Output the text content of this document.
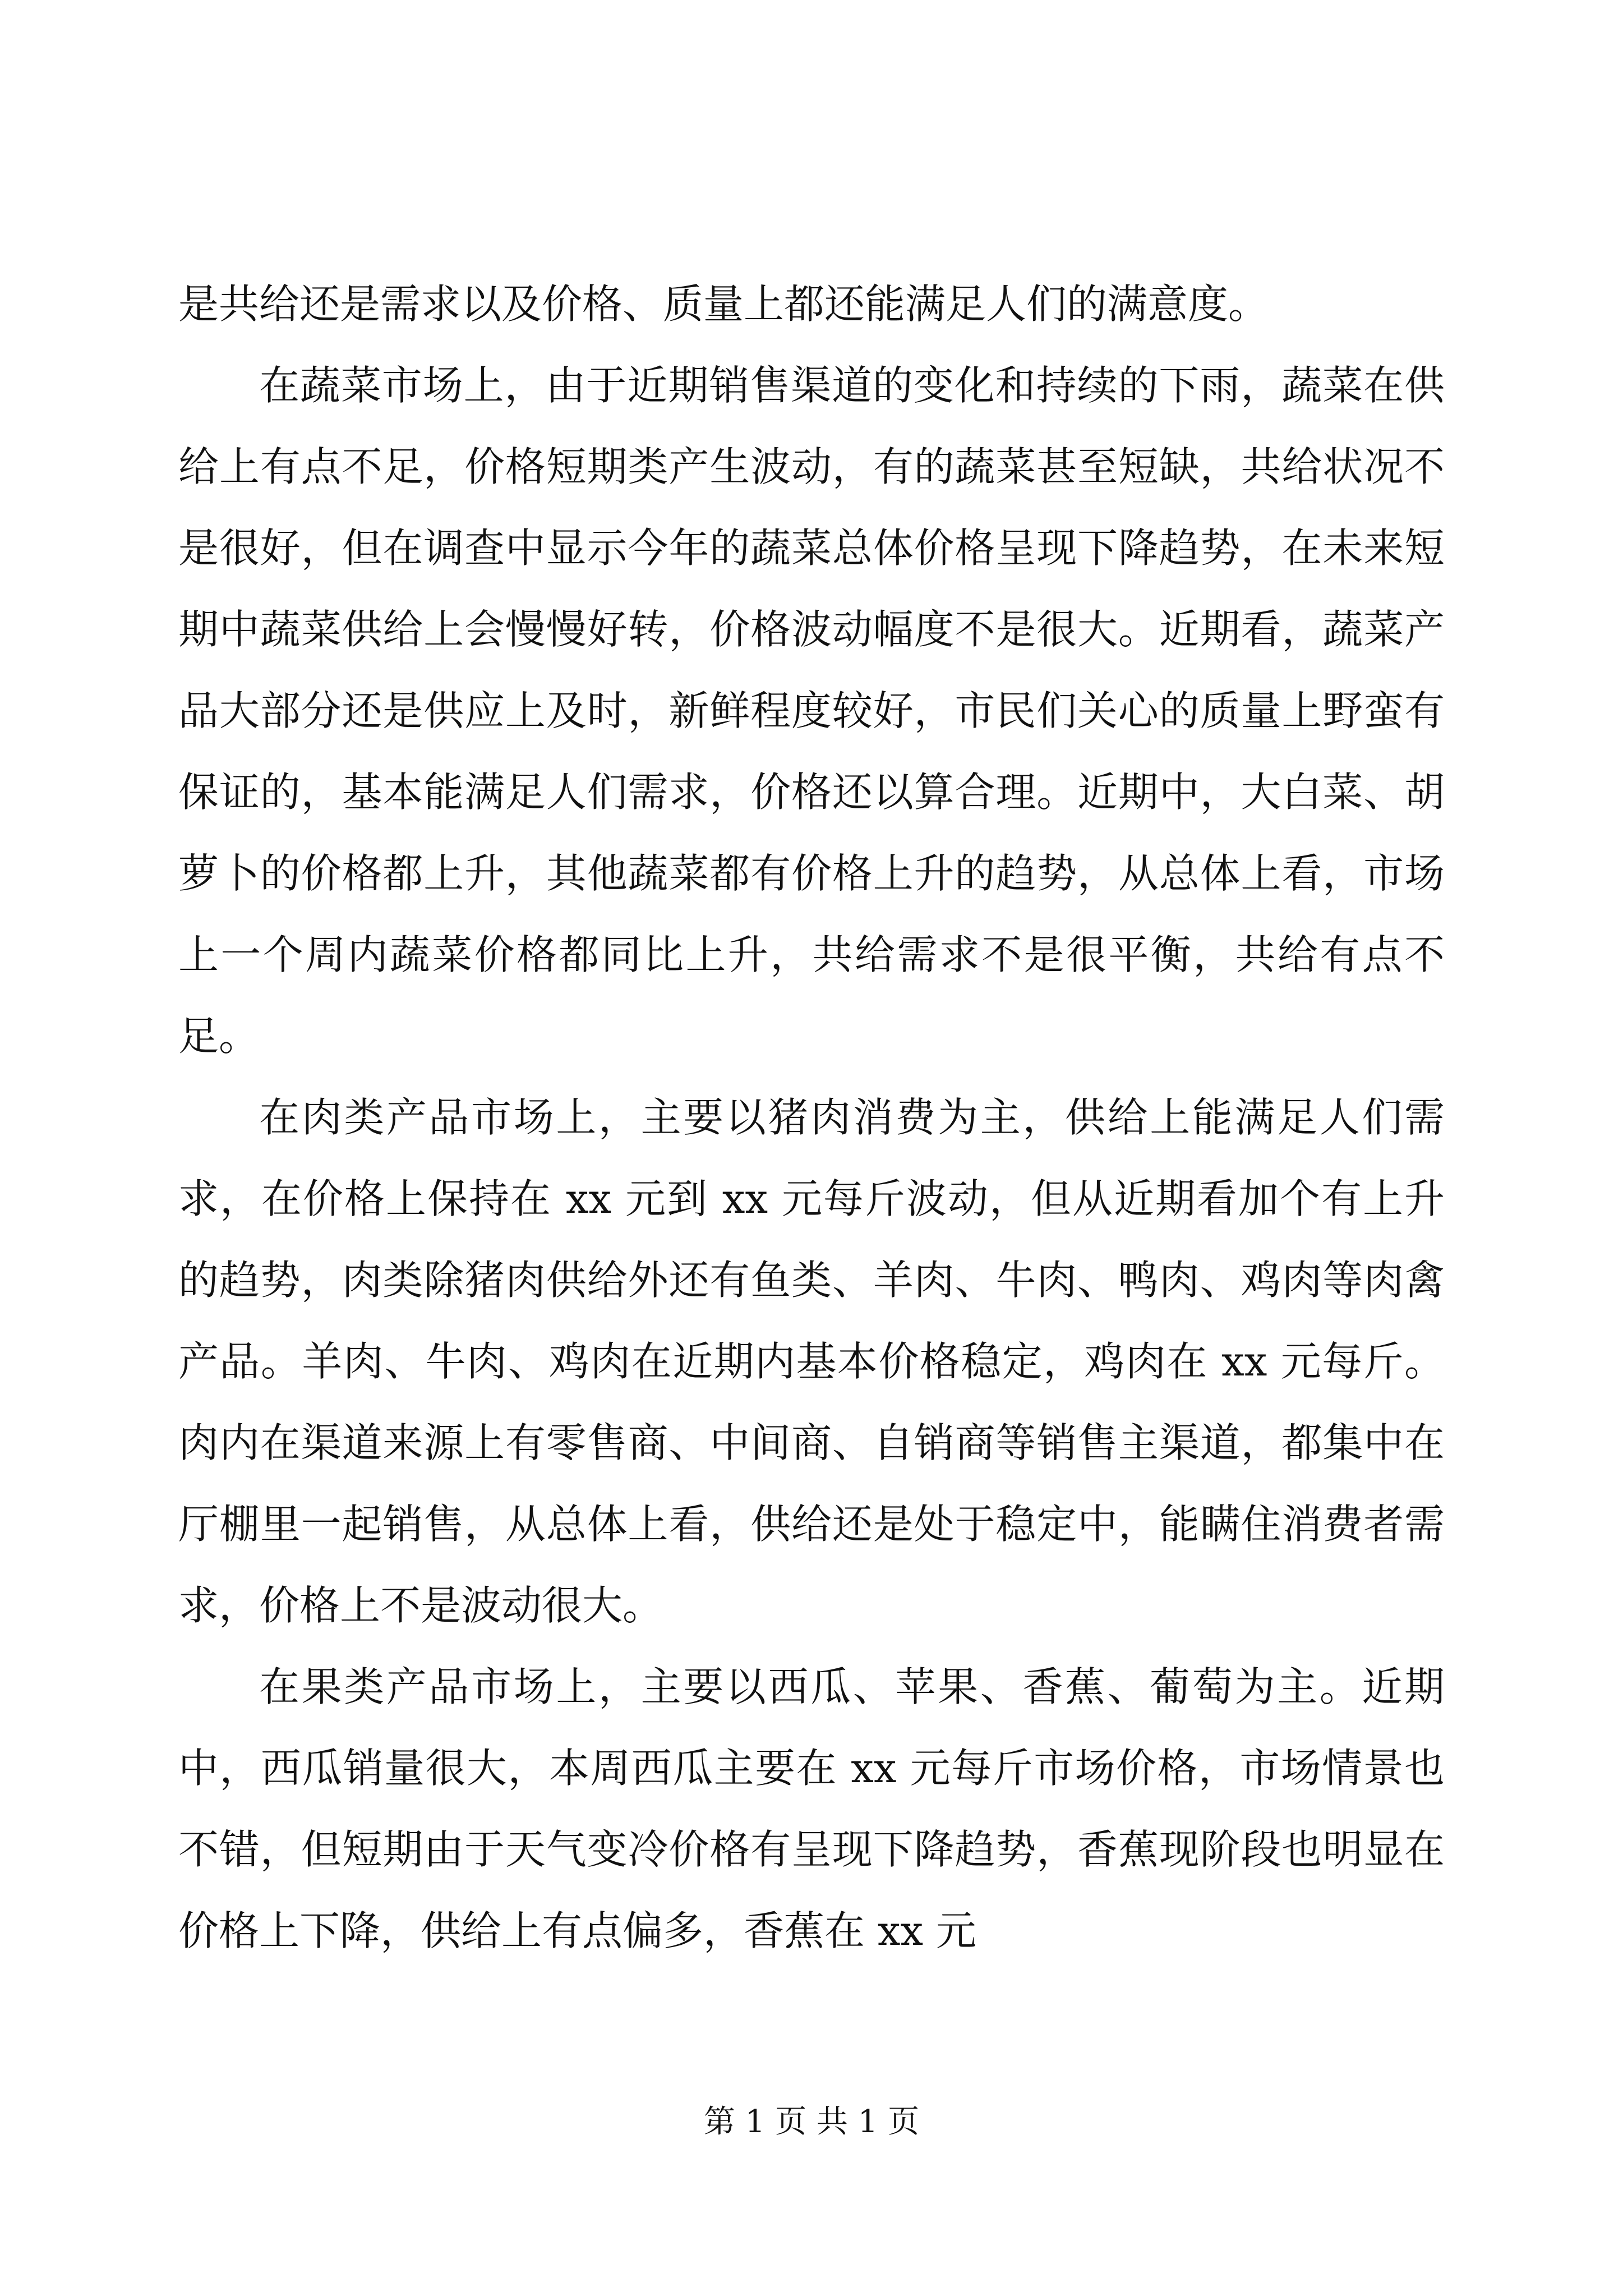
是共给还是需求以及价格、质量上都还能满足人们的满意度。

在蔬菜市场上，由于近期销售渠道的变化和持续的下雨，蔬菜在供给上有点不足，价格短期类产生波动，有的蔬菜甚至短缺，共给状况不是很好，但在调查中显示今年的蔬菜总体价格呈现下降趋势，在未来短期中蔬菜供给上会慢慢好转，价格波动幅度不是很大。近期看，蔬菜产品大部分还是供应上及时，新鲜程度较好，市民们关心的质量上野蛮有保证的，基本能满足人们需求，价格还以算合理。近期中，大白菜、胡萝卜的价格都上升，其他蔬菜都有价格上升的趋势，从总体上看，市场上一个周内蔬菜价格都同比上升，共给需求不是很平衡，共给有点不足。

在肉类产品市场上，主要以猪肉消费为主，供给上能满足人们需求，在价格上保持在 xx 元到 xx 元每斤波动，但从近期看加个有上升的趋势，肉类除猪肉供给外还有鱼类、羊肉、牛肉、鸭肉、鸡肉等肉禽产品。羊肉、牛肉、鸡肉在近期内基本价格稳定，鸡肉在 xx 元每斤。肉内在渠道来源上有零售商、中间商、自销商等销售主渠道，都集中在厅棚里一起销售，从总体上看，供给还是处于稳定中，能瞒住消费者需求，价格上不是波动很大。

在果类产品市场上，主要以西瓜、苹果、香蕉、葡萄为主。近期中，西瓜销量很大，本周西瓜主要在 xx 元每斤市场价格，市场情景也不错，但短期由于天气变冷价格有呈现下降趋势，香蕉现阶段也明显在价格上下降，供给上有点偏多，香蕉在 xx 元

第 1 页 共 1 页
